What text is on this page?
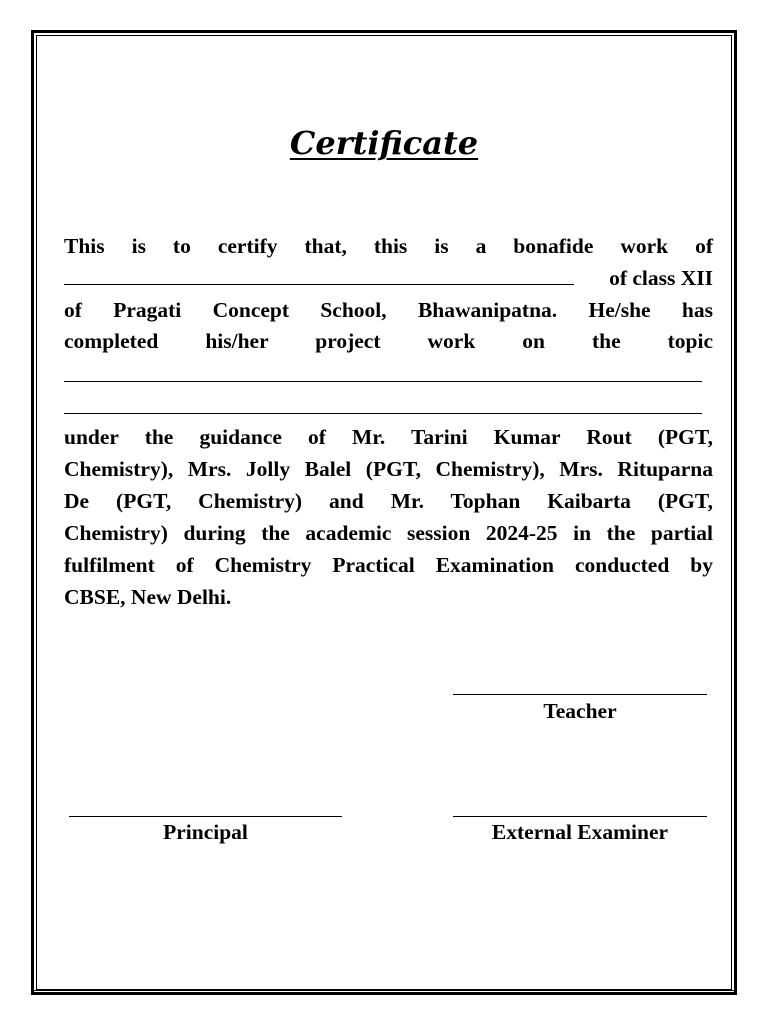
Certificate
This is to certify that, this is a bonafide work of
of class XII
of Pragati Concept School, Bhawanipatna. He/she has
completed his/her project work on the topic
under the guidance of Mr. Tarini Kumar Rout (PGT,
Chemistry), Mrs. Jolly Balel (PGT, Chemistry), Mrs. Rituparna
De (PGT, Chemistry) and Mr. Tophan Kaibarta (PGT,
Chemistry) during the academic session 2024-25 in the partial
fulfilment of Chemistry Practical Examination conducted by
CBSE, New Delhi.
Teacher
Principal	External Examiner
